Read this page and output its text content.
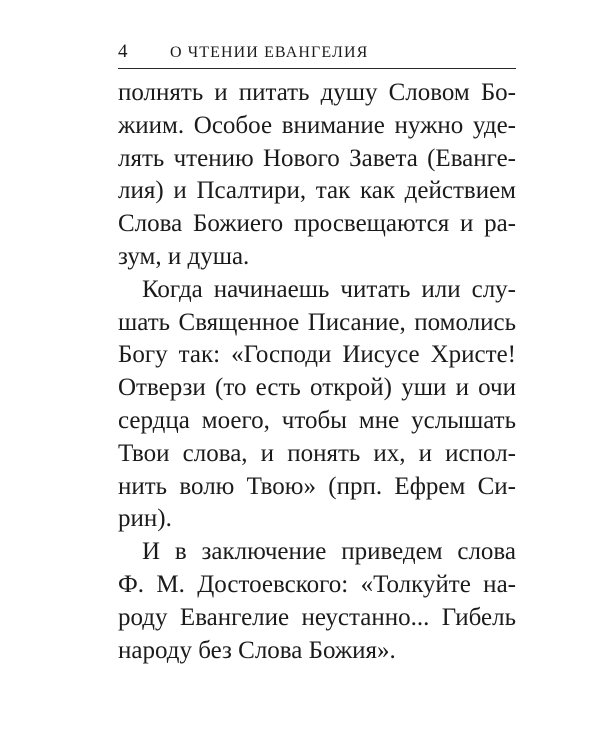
4	О ЧТЕНИИ ЕВАНГЕЛИЯ
полнять и питать душу Словом Бо-
жиим. Особое внимание нужно уде-
лять чтению Нового Завета (Еванге-
лия) и Псалтири, так как действием
Слова Божиего просвещаются и ра-
зум, и душа.
Когда начинаешь читать или слу-
шать Священное Писание, помолись
Богу так: «Господи Иисусе Христе!
Отверзи (то есть открой) уши и очи
сердца моего, чтобы мне услышать
Твои слова, и понять их, и испол-
нить волю Твою» (прп. Ефрем Си-
рин).
И в заключение приведем слова
Ф. М. Достоевского: «Толкуйте на-
роду Евангелие неустанно... Гибель
народу без Слова Божия».
